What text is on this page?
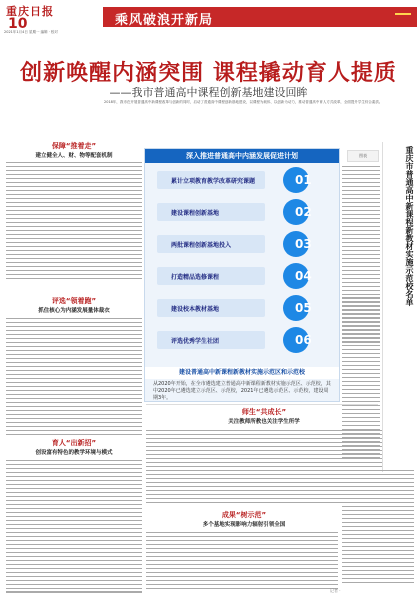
重庆日报
10
2021年1月4日 星期一 编辑 · 校对
乘风破浪开新局
创新唤醒内涵突围 课程撬动育人提质
——我市普通高中课程创新基地建设回眸
2018年，我市在开展普通高中新课程改革与创新的同时，启动了普通高中课程创新基地建设，以课程为载体、以创新为动力，推动普通高中育人方式改革，全面提升学生综合素质。
保障“推着走”
建立健全人、财、物等配套机制
评选“领着跑”
抓住核心为内涵发展量体裁衣
育人“出新招”
创设富有特色的教学环境与模式
深入推进普通高中内涵发展促进计划
累计立项教育教学改革研究课题	01
建设课程创新基地	02
两批课程创新基地投入	03
打造精品选修课程	04
建设校本教材基地	05
评选优秀学生社团	06
建设普通高中新课程新教材实施示范区和示范校
从2020年开始，在全市遴选建立普通高中新课程新教材实施示范区、示范校，其中2020年已遴选建立示范区、示范校，2021年已遴选示范区、示范校，建设周期3年。
图表	重庆市普通高中新课程新教材实施示范校名单
师生“共成长”
关注教师所教也关注学生所学
成果“树示范”
多个基地实现影响力辐射引领全国
记者 ·
